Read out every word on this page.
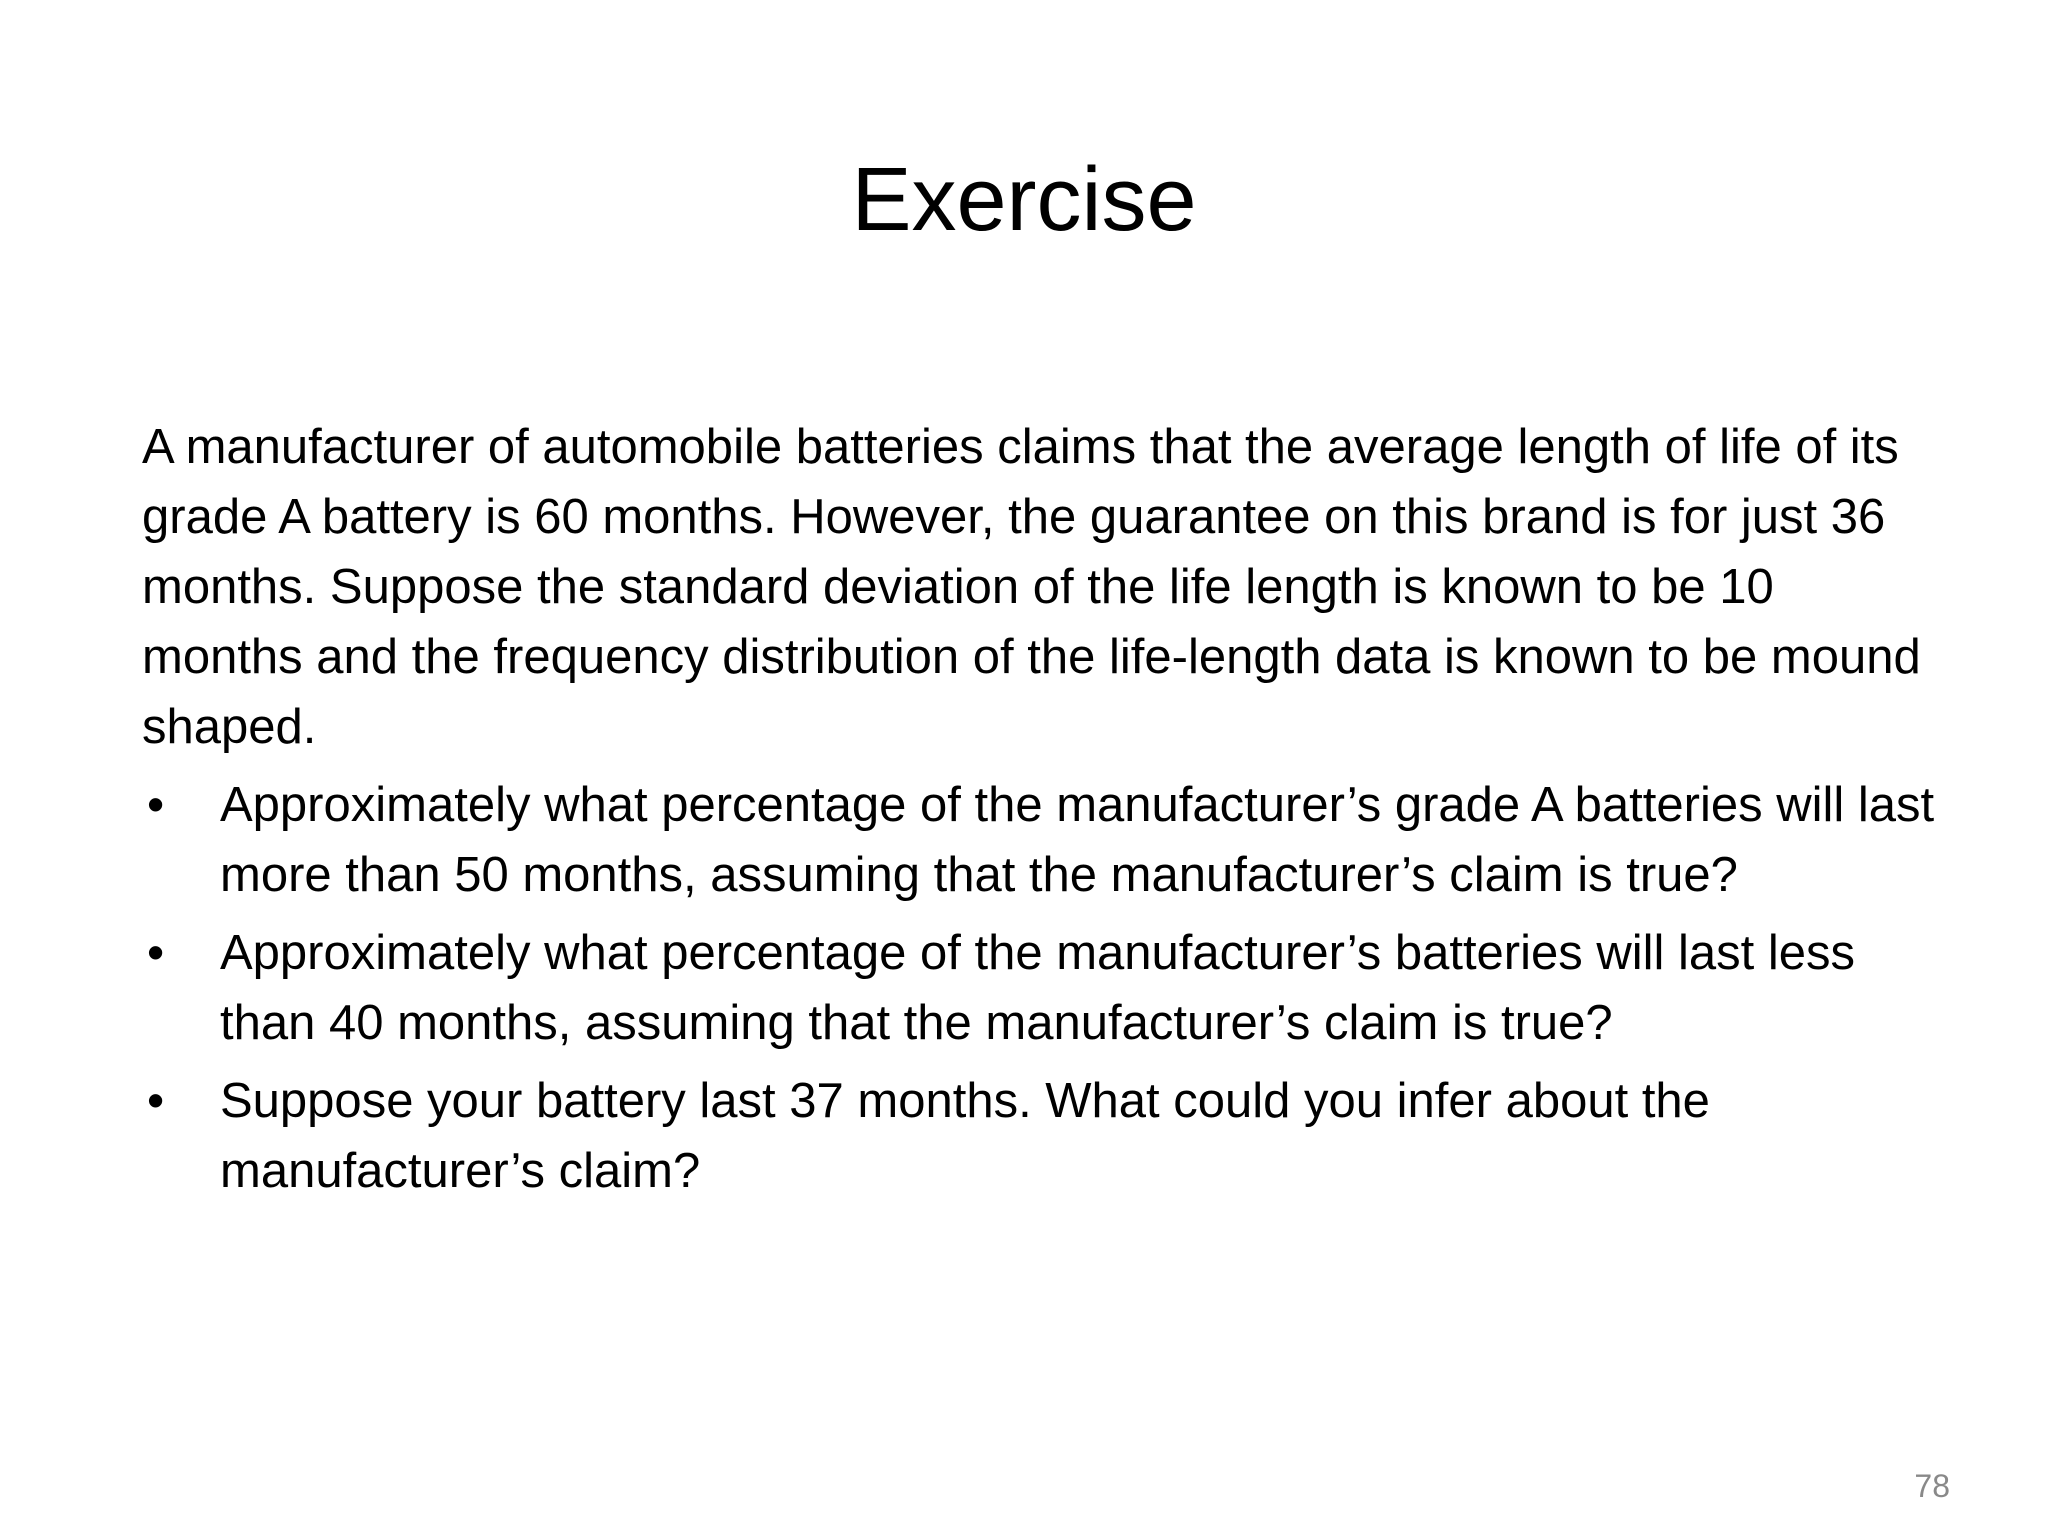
Exercise

A manufacturer of automobile batteries claims that the average length of life of its grade A battery is 60 months. However, the guarantee on this brand is for just 36 months. Suppose the standard deviation of the life length is known to be 10 months and the frequency distribution of the life-length data is known to be mound shaped.

• Approximately what percentage of the manufacturer’s grade A batteries will last more than 50 months, assuming that the manufacturer’s claim is true?
• Approximately what percentage of the manufacturer’s batteries will last less than 40 months, assuming that the manufacturer’s claim is true?
• Suppose your battery last 37 months. What could you infer about the manufacturer’s claim?
78
